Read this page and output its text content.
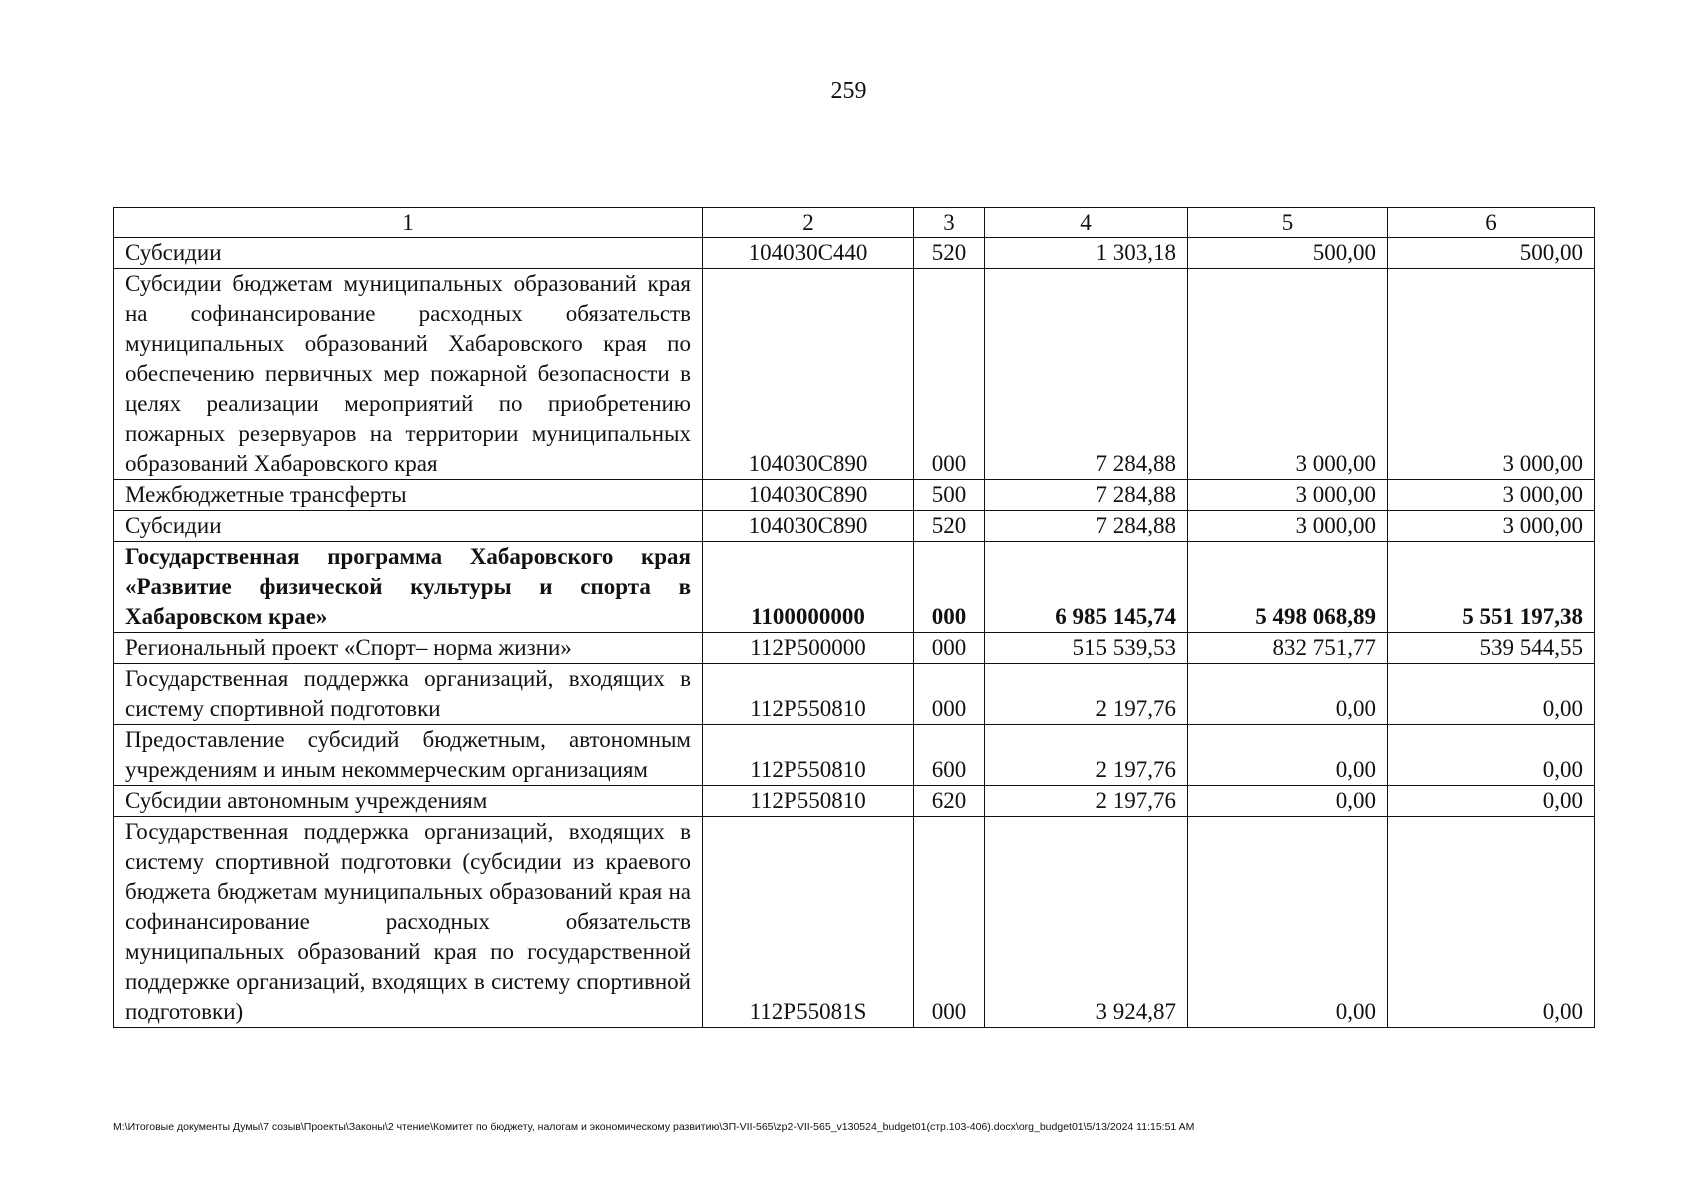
259
1	2	3	4	5	6
Субсидии	104030С440	520	1 303,18	500,00	500,00
Субсидии бюджетам муниципальных образований края на софинансирование расходных обязательств муниципальных образований Хабаровского края по обеспечению первичных мер пожарной безопасности в целях реализации мероприятий по приобретению пожарных резервуаров на территории муниципальных образований Хабаровского края	104030С890	000	7 284,88	3 000,00	3 000,00
Межбюджетные трансферты	104030С890	500	7 284,88	3 000,00	3 000,00
Субсидии	104030С890	520	7 284,88	3 000,00	3 000,00
Государственная программа Хабаровского края «Развитие физической культуры и спорта в Хабаровском крае»	1100000000	000	6 985 145,74	5 498 068,89	5 551 197,38
Региональный проект «Спорт– норма жизни»	112Р500000	000	515 539,53	832 751,77	539 544,55
Государственная поддержка организаций, входящих в систему спортивной подготовки	112Р550810	000	2 197,76	0,00	0,00
Предоставление субсидий бюджетным, автономным учреждениям и иным некоммерческим организациям	112Р550810	600	2 197,76	0,00	0,00
Субсидии автономным учреждениям	112Р550810	620	2 197,76	0,00	0,00
Государственная поддержка организаций, входящих в систему спортивной подготовки (субсидии из краевого бюджета бюджетам муниципальных образований края на софинансирование расходных обязательств муниципальных образований края по государственной поддержке организаций, входящих в систему спортивной подготовки)	112Р55081S	000	3 924,87	0,00	0,00
M:\Итоговые документы Думы\7 созыв\Проекты\Законы\2 чтение\Комитет по бюджету, налогам и экономическому развитию\ЗП-VII-565\zp2-VII-565_v130524_budget01(стр.103-406).docx\org_budget01\5/13/2024 11:15:51 AM
